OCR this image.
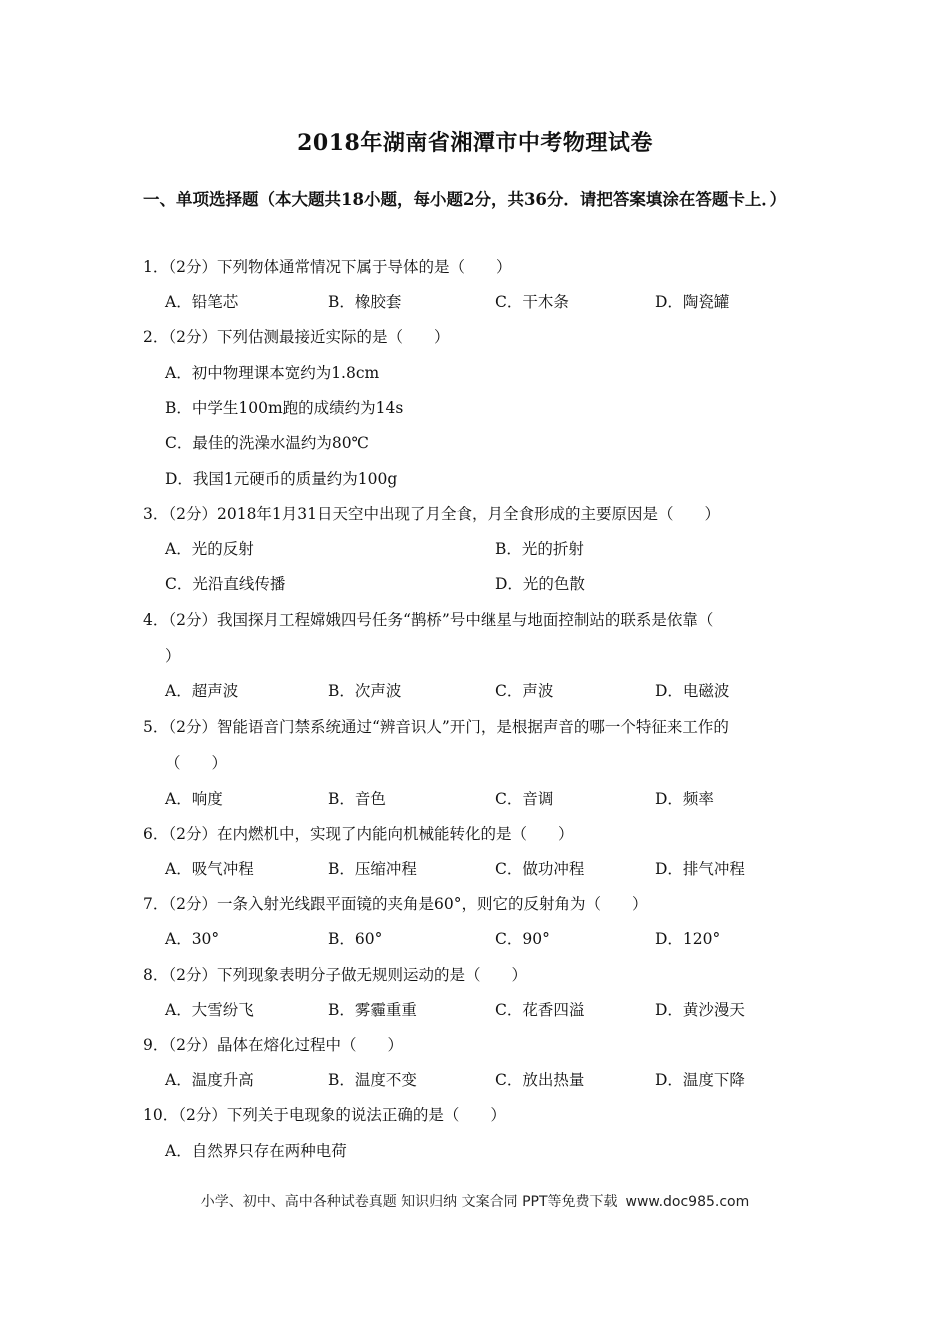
2018年湖南省湘潭市中考物理试卷
一、单项选择题（本大题共18小题，每小题2分，共36分．请把答案填涂在答题卡上．）
1．（2分）下列物体通常情况下属于导体的是（　　）
A．铅笔芯	B．橡胶套	C．干木条	D．陶瓷罐
2．（2分）下列估测最接近实际的是（　　）
A．初中物理课本宽约为1.8cm
B．中学生100m跑的成绩约为14s
C．最佳的洗澡水温约为80℃
D．我国1元硬币的质量约为100g
3．（2分）2018年1月31日天空中出现了月全食，月全食形成的主要原因是（　　）
A．光的反射	B．光的折射
C．光沿直线传播	D．光的色散
4．（2分）我国探月工程嫦娥四号任务“鹊桥”号中继星与地面控制站的联系是依靠（
）
A．超声波	B．次声波	C．声波	D．电磁波
5．（2分）智能语音门禁系统通过“辨音识人”开门，是根据声音的哪一个特征来工作的
（　　）
A．响度	B．音色	C．音调	D．频率
6．（2分）在内燃机中，实现了内能向机械能转化的是（　　）
A．吸气冲程	B．压缩冲程	C．做功冲程	D．排气冲程
7．（2分）一条入射光线跟平面镜的夹角是60°，则它的反射角为（　　）
A．30°	B．60°	C．90°	D．120°
8．（2分）下列现象表明分子做无规则运动的是（　　）
A．大雪纷飞	B．雾霾重重	C．花香四溢	D．黄沙漫天
9．（2分）晶体在熔化过程中（　　）
A．温度升高	B．温度不变	C．放出热量	D．温度下降
10．（2分）下列关于电现象的说法正确的是（　　）
A．自然界只存在两种电荷
小学、初中、高中各种试卷真题 知识归纳 文案合同 PPT等免费下载 www.doc985.com
